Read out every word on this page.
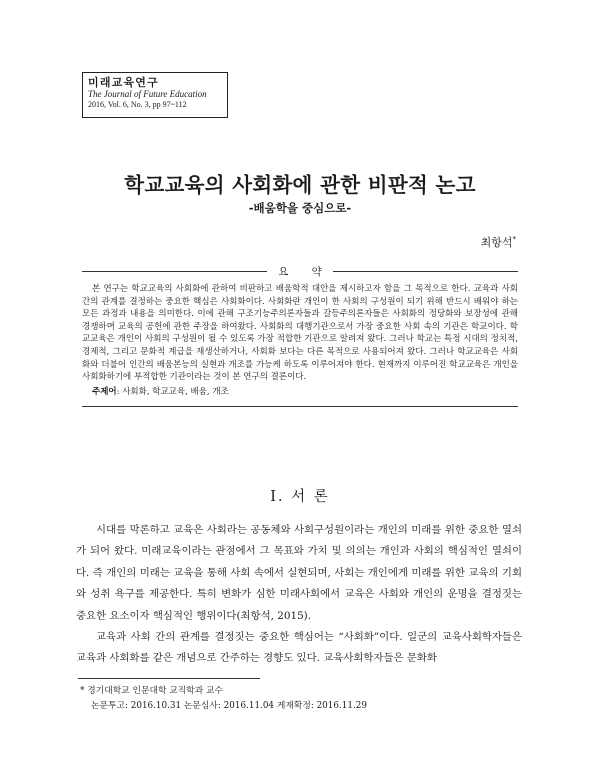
미래교육연구
The Journal of Future Education
2016, Vol. 6, No. 3, pp 97~112
학교교육의 사회화에 관한 비판적 논고
-배움학을 중심으로-
최항석*
요 약

본 연구는 학교교육의 사회화에 관하여 비판하고 배움학적 대안을 제시하고자 함을 그 목적으로 한다. 교육과 사회 간의 관계를 결정하는 중요한 핵심은 사회화이다. 사회화란 개인이 한 사회의 구성원이 되기 위해 반드시 배워야 하는 모든 과정과 내용을 의미한다. 이에 관해 구조기능주의론자들과 갈등주의론자들은 사회화의 정당화와 보장성에 관해 경쟁하며 교육의 공헌에 관한 주장을 하여왔다. 사회화의 대행기관으로서 가장 중요한 사회 속의 기관은 학교이다. 학교교육은 개인이 사회의 구성원이 될 수 있도록 가장 적합한 기관으로 알려져 왔다. 그러나 학교는 특정 시대의 정치적, 경제적, 그리고 문화적 계급을 재생산하거나, 사회화 보다는 다른 목적으로 사용되어져 왔다. 그러나 학교교육은 사회화와 더불어 인간의 배움본능의 실현과 개조를 가능케 하도록 이루어져야 한다. 현재까지 이루어진 학교교육은 개인을 사회화하기에 부적합한 기관이라는 것이 본 연구의 결론이다.

주제어: 사회화, 학교교육, 배움, 개조
Ⅰ. 서 론

시대를 막론하고 교육은 사회라는 공동체와 사회구성원이라는 개인의 미래를 위한 중요한 열쇠가 되어 왔다. 미래교육이라는 관점에서 그 목표와 가치 및 의의는 개인과 사회의 핵심적인 열쇠이다. 즉 개인의 미래는 교육을 통해 사회 속에서 실현되며, 사회는 개인에게 미래를 위한 교육의 기회와 성취 욕구를 제공한다. 특히 변화가 심한 미래사회에서 교육은 사회와 개인의 운명을 결정짓는 중요한 요소이자 핵심적인 행위이다(최항석, 2015).

교육과 사회 간의 관계를 결정짓는 중요한 핵심어는 “사회화”이다. 일군의 교육사회학자들은 교육과 사회화를 같은 개념으로 간주하는 경향도 있다. 교육사회학자들은 문화화

* 경기대학교 인문대학 교직학과 교수
논문투고: 2016.10.31 논문심사: 2016.11.04 게재확정: 2016.11.29
